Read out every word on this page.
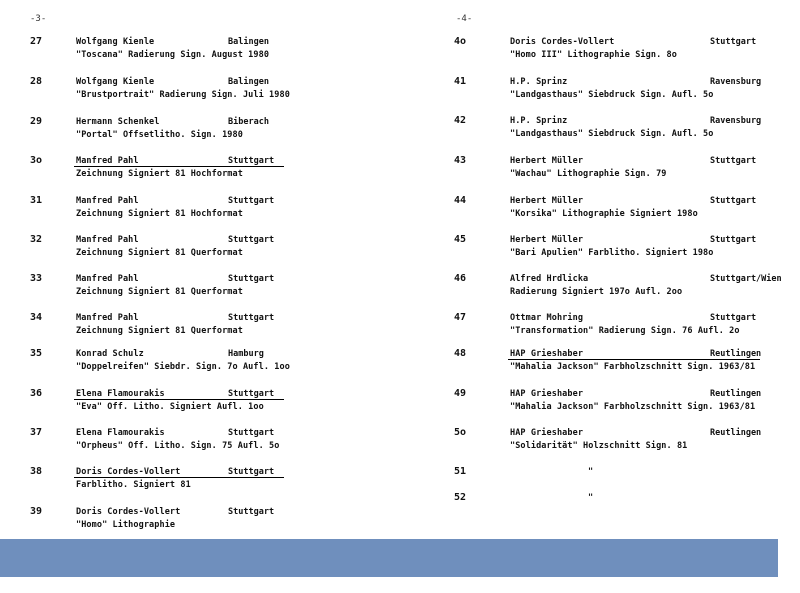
-3-
27	Wolfgang Kienle	Balingen
"Toscana" Radierung Sign. August 1980
28	Wolfgang Kienle	Balingen
"Brustportrait" Radierung Sign. Juli 1980
29	Hermann Schenkel	Biberach
"Portal" Offsetlitho. Sign. 1980
3o	Manfred Pahl	Stuttgart
Zeichnung Signiert 81 Hochformat
31	Manfred Pahl	Stuttgart
Zeichnung Signiert 81 Hochformat
32	Manfred Pahl	Stuttgart
Zeichnung Signiert 81 Querformat
33	Manfred Pahl	Stuttgart
Zeichnung Signiert 81 Querformat
34	Manfred Pahl	Stuttgart
Zeichnung Signiert 81 Querformat
35	Konrad Schulz	Hamburg
"Doppelreifen" Siebdr. Sign. 7o Aufl. 1oo
36	Elena Flamourakis	Stuttgart
"Eva" Off. Litho. Signiert Aufl. 1oo
37	Elena Flamourakis	Stuttgart
"Orpheus" Off. Litho. Sign. 75 Aufl. 5o
38	Doris Cordes-Vollert	Stuttgart
Farblitho. Signiert 81
39	Doris Cordes-Vollert	Stuttgart
"Homo" Lithographie
-4-
4o	Doris Cordes-Vollert	Stuttgart
"Homo III" Lithographie Sign. 8o
41	H.P. Sprinz	Ravensburg
"Landgasthaus" Siebdruck Sign. Aufl. 5o
42	H.P. Sprinz	Ravensburg
"Landgasthaus" Siebdruck Sign. Aufl. 5o
43	Herbert Müller	Stuttgart
"Wachau" Lithographie Sign. 79
44	Herbert Müller	Stuttgart
"Korsika" Lithographie Signiert 198o
45	Herbert Müller	Stuttgart
"Bari Apulien" Farblitho. Signiert 198o
46	Alfred Hrdlicka	Stuttgart/Wien
Radierung Signiert 197o Aufl. 2oo
47	Ottmar Mohring	Stuttgart
"Transformation" Radierung Sign. 76 Aufl. 2o
48	HAP Grieshaber	Reutlingen
"Mahalia Jackson" Farbholzschnitt Sign. 1963/81
49	HAP Grieshaber	Reutlingen
"Mahalia Jackson" Farbholzschnitt Sign. 1963/81
5o	HAP Grieshaber	Reutlingen
"Solidarität" Holzschnitt Sign. 81
51	"
52	"
